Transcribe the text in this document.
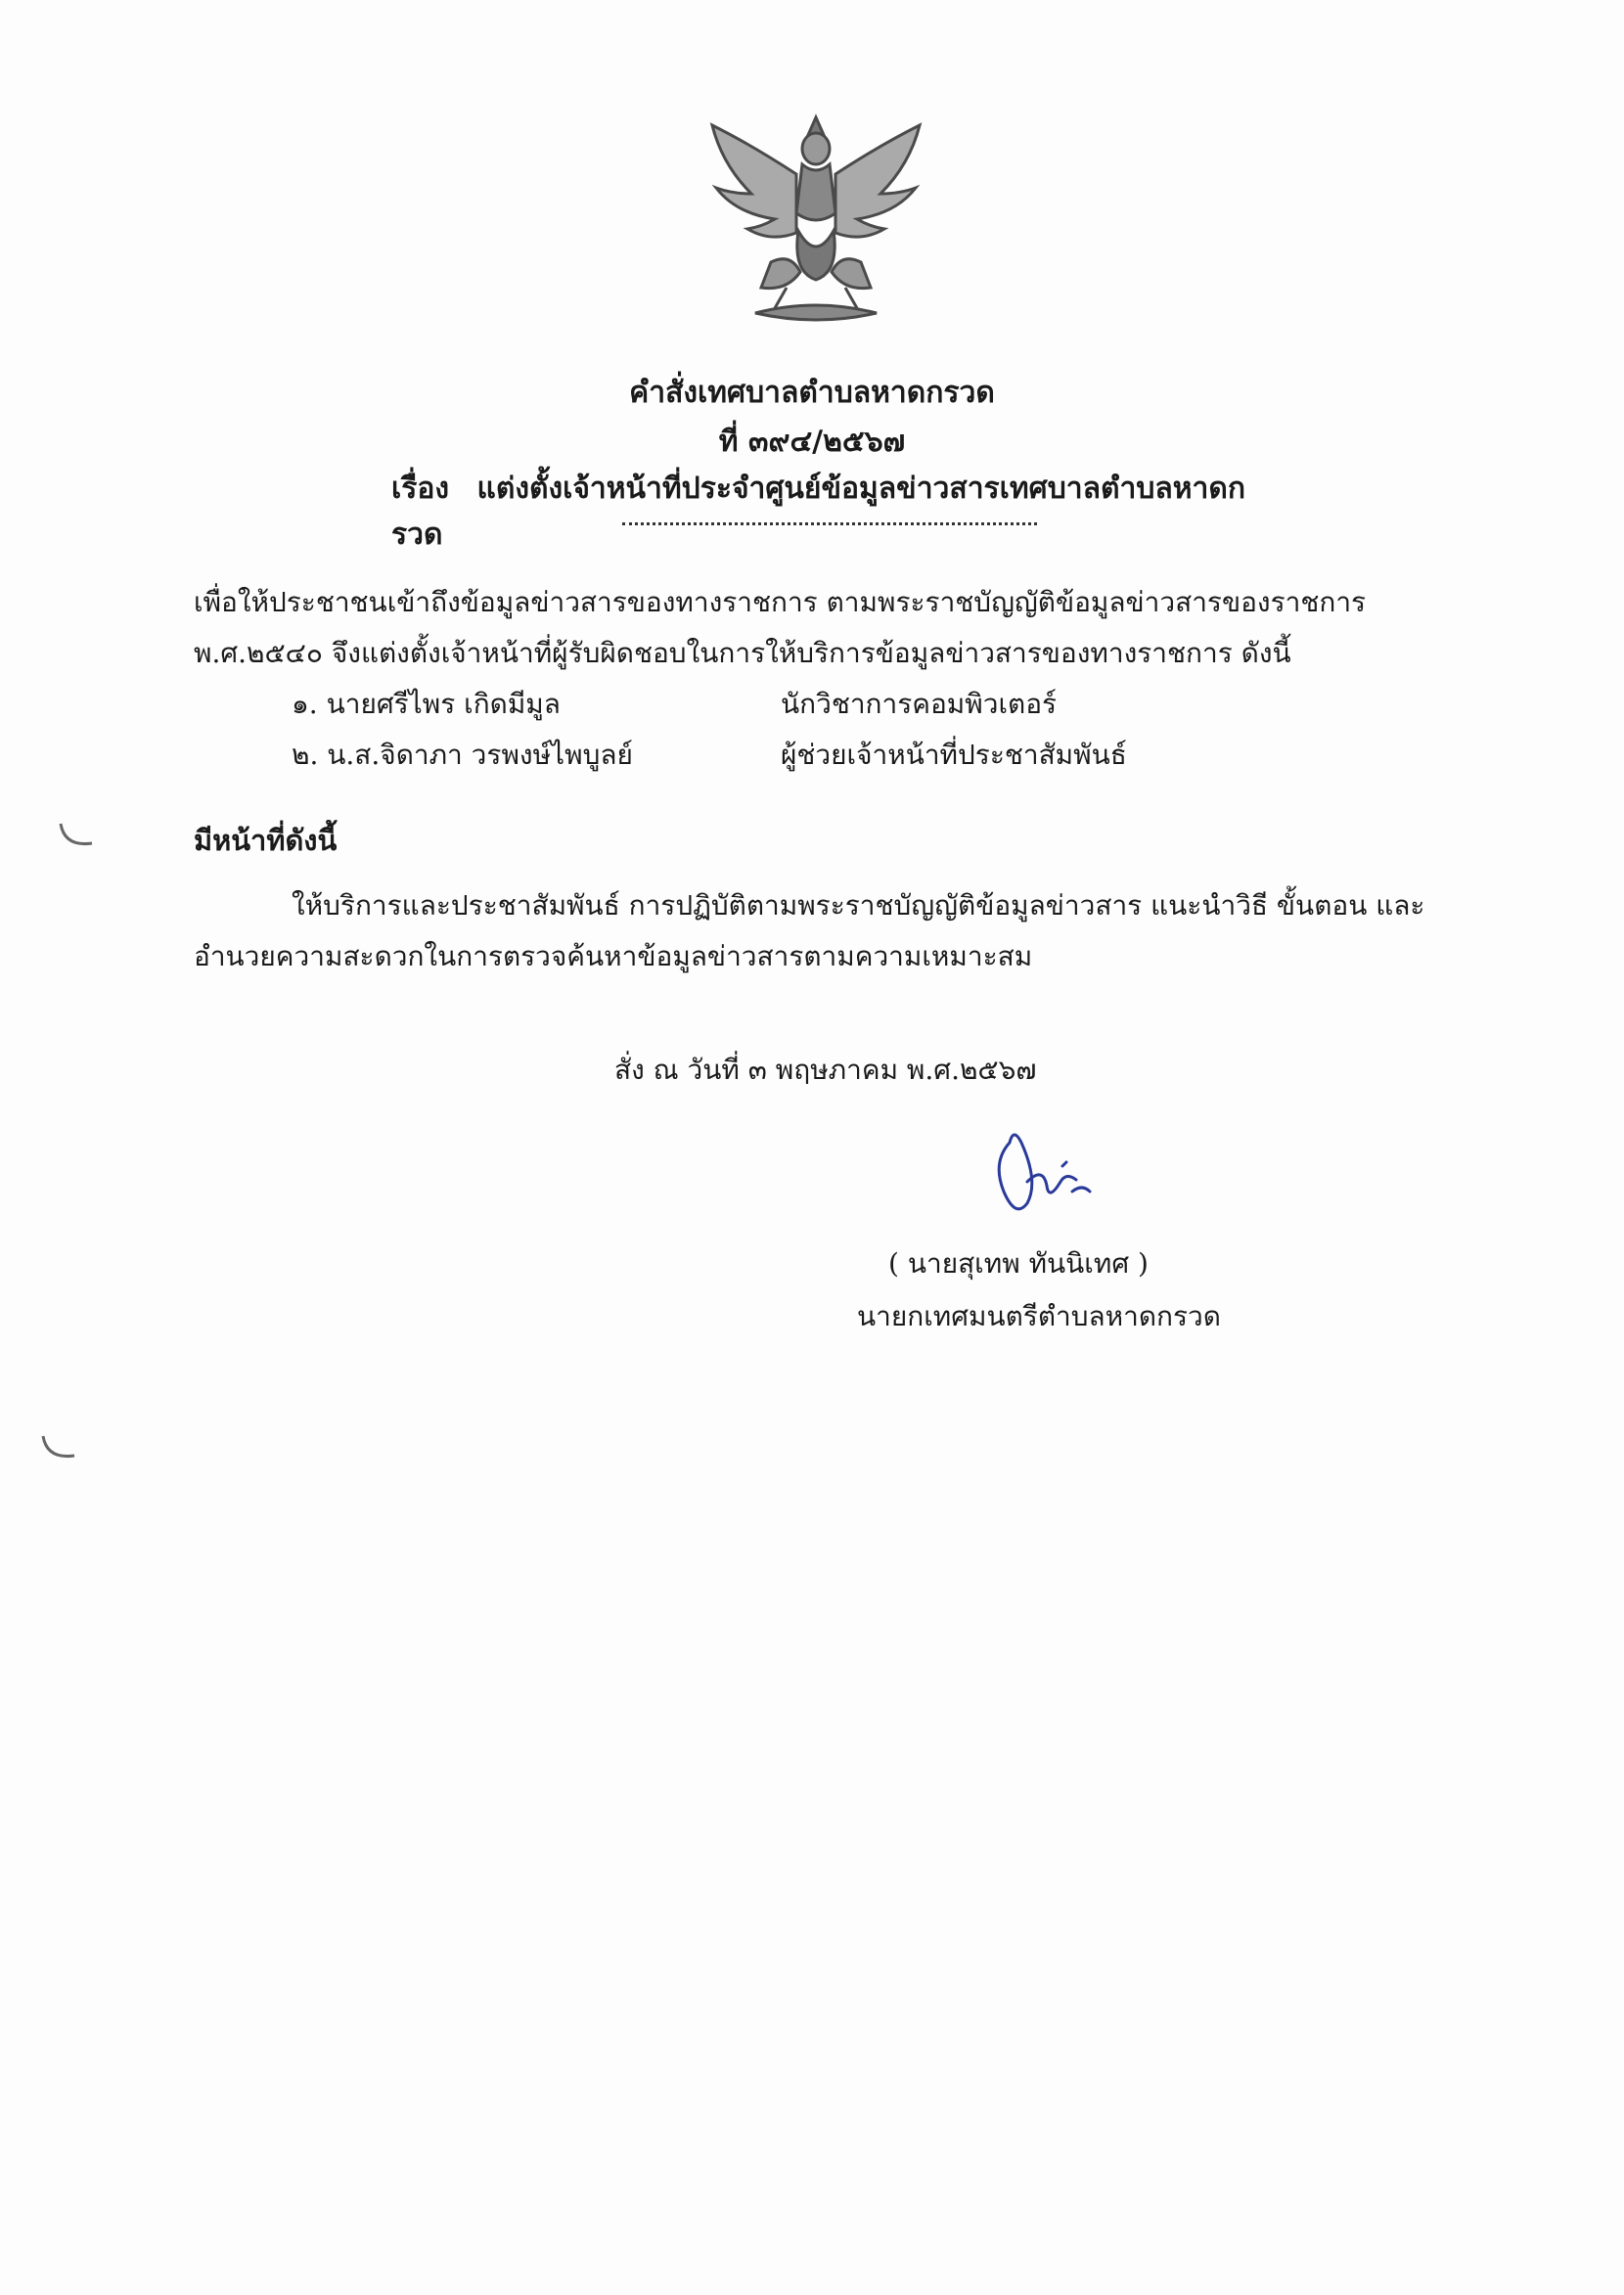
คำสั่งเทศบาลตำบลหาดกรวด
ที่ ๓๙๔/๒๕๖๗
เรื่อง แต่งตั้งเจ้าหน้าที่ประจำศูนย์ข้อมูลข่าวสารเทศบาลตำบลหาดกรวด
เพื่อให้ประชาชนเข้าถึงข้อมูลข่าวสารของทางราชการ ตามพระราชบัญญัติข้อมูลข่าวสารของราชการ
พ.ศ.๒๕๔๐ จึงแต่งตั้งเจ้าหน้าที่ผู้รับผิดชอบในการให้บริการข้อมูลข่าวสารของทางราชการ ดังนี้
๑. นายศรีไพร เกิดมีมูล	นักวิชาการคอมพิวเตอร์
๒. น.ส.จิดาภา วรพงษ์ไพบูลย์	ผู้ช่วยเจ้าหน้าที่ประชาสัมพันธ์
มีหน้าที่ดังนี้
ให้บริการและประชาสัมพันธ์ การปฏิบัติตามพระราชบัญญัติข้อมูลข่าวสาร แนะนำวิธี ขั้นตอน และ
อำนวยความสะดวกในการตรวจค้นหาข้อมูลข่าวสารตามความเหมาะสม
สั่ง ณ วันที่ ๓ พฤษภาคม พ.ศ.๒๕๖๗
( นายสุเทพ ทันนิเทศ )
นายกเทศมนตรีตำบลหาดกรวด
